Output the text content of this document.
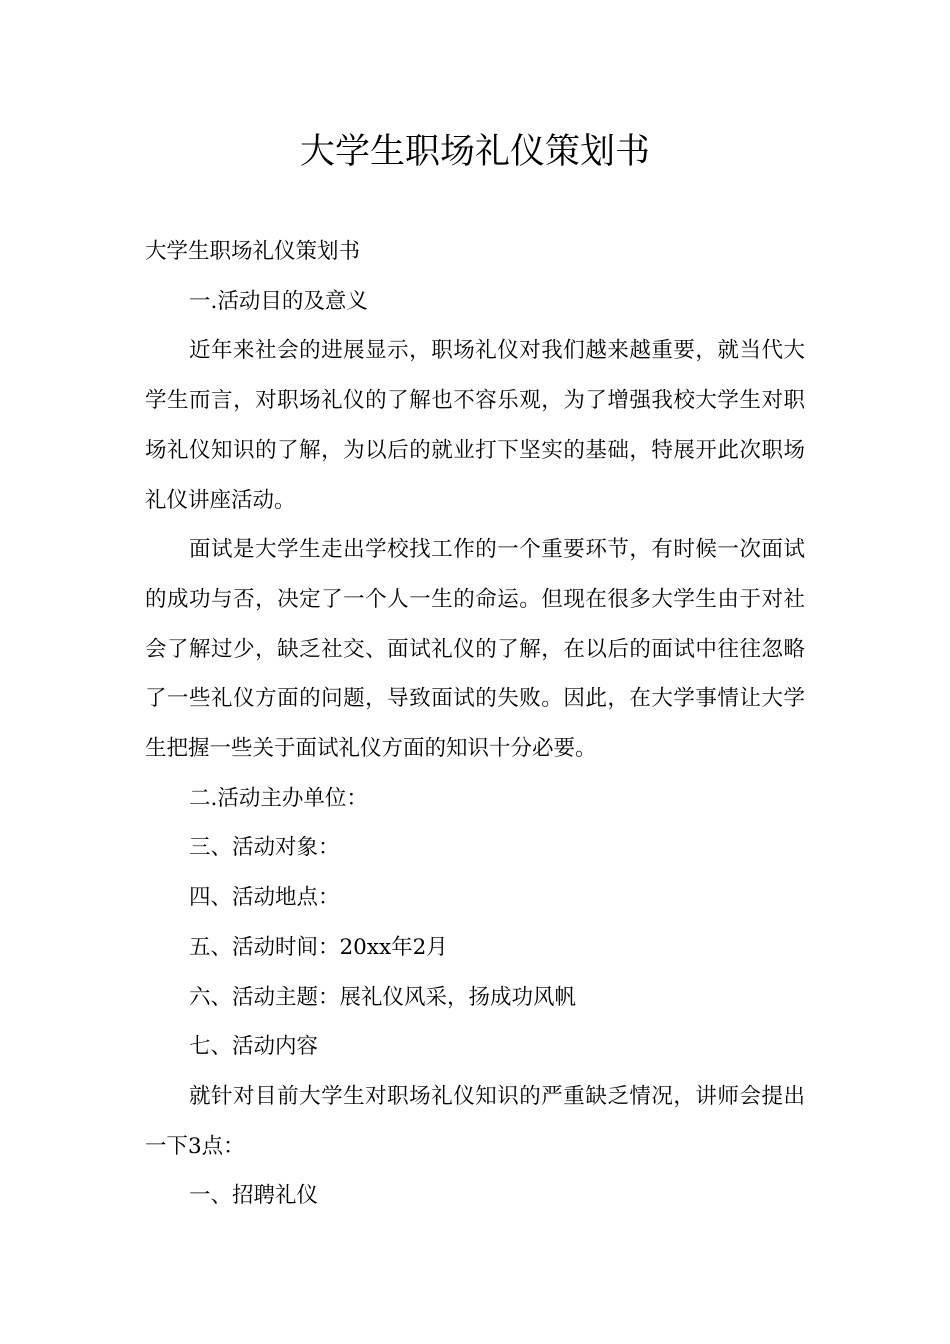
大学生职场礼仪策划书

大学生职场礼仪策划书

一.活动目的及意义

近年来社会的进展显示，职场礼仪对我们越来越重要，就当代大学生而言，对职场礼仪的了解也不容乐观，为了增强我校大学生对职场礼仪知识的了解，为以后的就业打下坚实的基础，特展开此次职场礼仪讲座活动。

面试是大学生走出学校找工作的一个重要环节，有时候一次面试的成功与否，决定了一个人一生的命运。但现在很多大学生由于对社会了解过少，缺乏社交、面试礼仪的了解，在以后的面试中往往忽略了一些礼仪方面的问题，导致面试的失败。因此，在大学事情让大学生把握一些关于面试礼仪方面的知识十分必要。

二.活动主办单位：

三、活动对象：

四、活动地点：

五、活动时间：20xx年2月

六、活动主题：展礼仪风采，扬成功风帆

七、活动内容

就针对目前大学生对职场礼仪知识的严重缺乏情况，讲师会提出一下3点：

一、招聘礼仪
